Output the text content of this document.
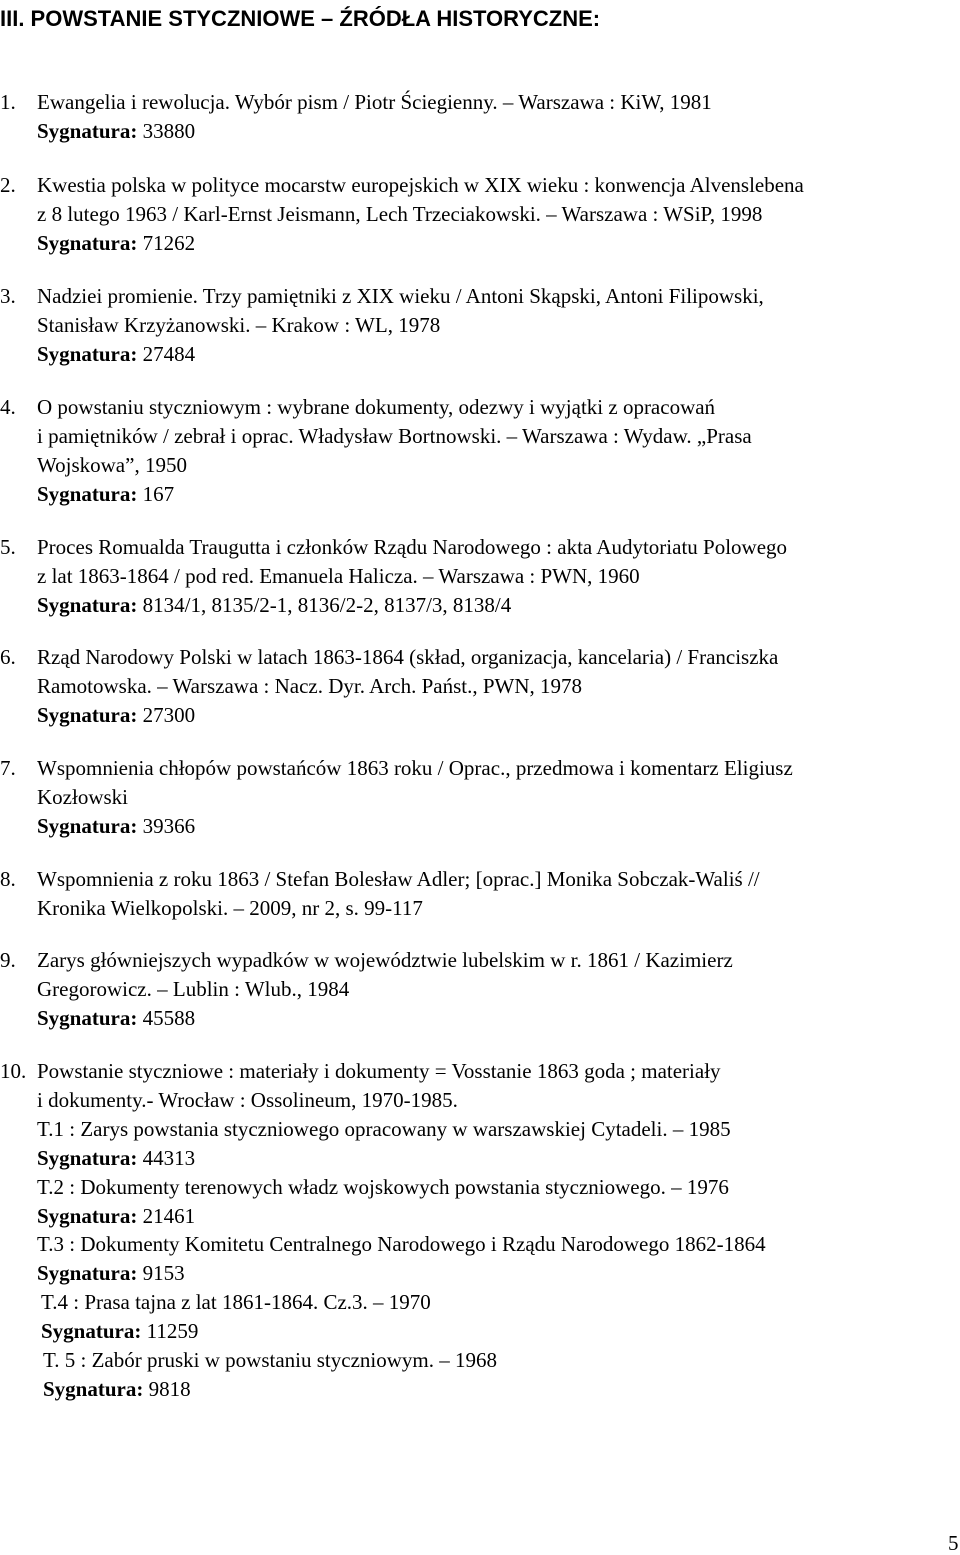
III. POWSTANIE STYCZNIOWE – ŹRÓDŁA HISTORYCZNE:
1. Ewangelia i rewolucja. Wybór pism / Piotr Ściegienny. – Warszawa : KiW, 1981
Sygnatura: 33880
2. Kwestia polska w polityce mocarstw europejskich w XIX wieku : konwencja Alvenslebena
z 8 lutego 1963 / Karl-Ernst Jeismann, Lech Trzeciakowski. – Warszawa : WSiP, 1998
Sygnatura: 71262
3. Nadziei promienie. Trzy pamiętniki z XIX wieku / Antoni Skąpski, Antoni Filipowski,
Stanisław Krzyżanowski. – Krakow : WL, 1978
Sygnatura: 27484
4. O powstaniu styczniowym : wybrane dokumenty, odezwy i wyjątki z opracowań
i pamiętników / zebrał i oprac. Władysław Bortnowski. – Warszawa : Wydaw. „Prasa
Wojskowa”, 1950
Sygnatura: 167
5. Proces Romualda Traugutta i członków Rządu Narodowego : akta Audytoriatu Polowego
z lat 1863-1864 / pod red. Emanuela Halicza. – Warszawa : PWN, 1960
Sygnatura: 8134/1, 8135/2-1, 8136/2-2, 8137/3, 8138/4
6. Rząd Narodowy Polski w latach 1863-1864 (skład, organizacja, kancelaria) / Franciszka
Ramotowska. – Warszawa : Nacz. Dyr. Arch. Państ., PWN, 1978
Sygnatura: 27300
7. Wspomnienia chłopów powstańców 1863 roku / Oprac., przedmowa i komentarz Eligiusz
Kozłowski
Sygnatura: 39366
8. Wspomnienia z roku 1863 / Stefan Bolesław Adler; [oprac.] Monika Sobczak-Waliś //
Kronika Wielkopolski. – 2009, nr 2, s. 99-117
9. Zarys główniejszych wypadków w województwie lubelskim w r. 1861 / Kazimierz
Gregorowicz. – Lublin : Wlub., 1984
Sygnatura: 45588
10. Powstanie styczniowe : materiały i dokumenty = Vosstanie 1863 goda ; materiały
i dokumenty.- Wrocław : Ossolineum, 1970-1985.
T.1 : Zarys powstania styczniowego opracowany w warszawskiej Cytadeli. – 1985
Sygnatura: 44313
T.2 : Dokumenty terenowych władz wojskowych powstania styczniowego. – 1976
Sygnatura: 21461
T.3 : Dokumenty Komitetu Centralnego Narodowego i Rządu Narodowego 1862-1864
Sygnatura: 9153
T.4 : Prasa tajna z lat 1861-1864. Cz.3. – 1970
Sygnatura: 11259
T. 5 : Zabór pruski w powstaniu styczniowym. – 1968
Sygnatura: 9818
5
